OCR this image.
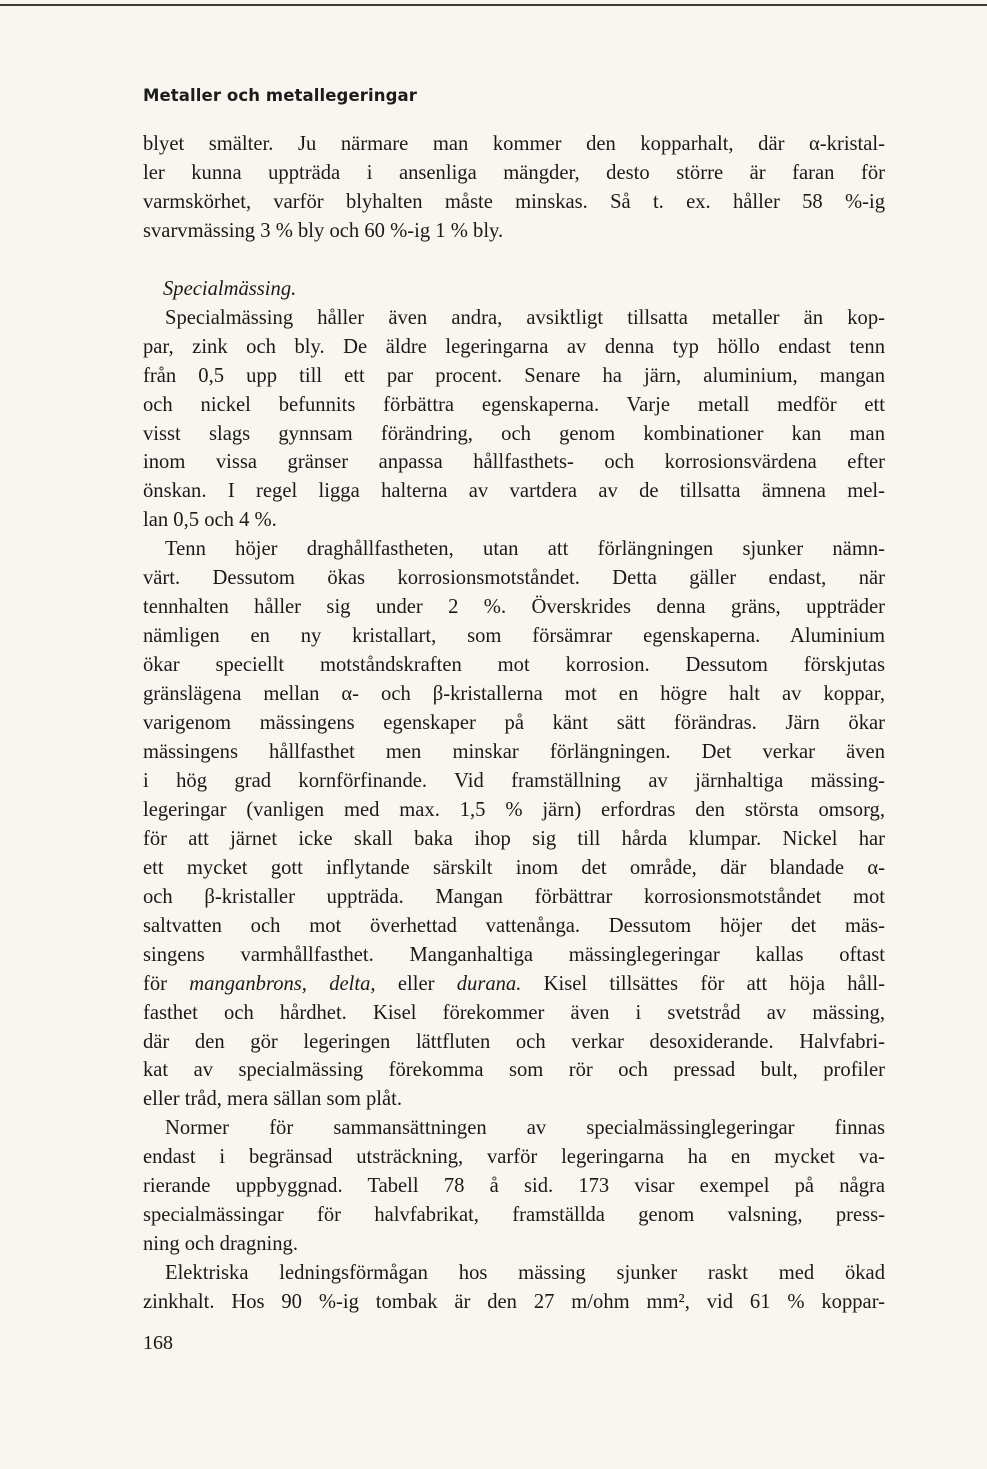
Metaller och metallegeringar
blyet smälter. Ju närmare man kommer den kopparhalt, där α-kristal-
ler kunna uppträda i ansenliga mängder, desto större är faran för
varmskörhet, varför blyhalten måste minskas. Så t. ex. håller 58 %-ig
svarvmässing 3 % bly och 60 %-ig 1 % bly.
Specialmässing.
Specialmässing håller även andra, avsiktligt tillsatta metaller än kop-
par, zink och bly. De äldre legeringarna av denna typ höllo endast tenn
från 0,5 upp till ett par procent. Senare ha järn, aluminium, mangan
och nickel befunnits förbättra egenskaperna. Varje metall medför ett
visst slags gynnsam förändring, och genom kombinationer kan man
inom vissa gränser anpassa hållfasthets- och korrosionsvärdena efter
önskan. I regel ligga halterna av vartdera av de tillsatta ämnena mel-
lan 0,5 och 4 %.
Tenn höjer draghållfastheten, utan att förlängningen sjunker nämn-
värt. Dessutom ökas korrosionsmotståndet. Detta gäller endast, när
tennhalten håller sig under 2 %. Överskrides denna gräns, uppträder
nämligen en ny kristallart, som försämrar egenskaperna. Aluminium
ökar speciellt motståndskraften mot korrosion. Dessutom förskjutas
gränslägena mellan α- och β-kristallerna mot en högre halt av koppar,
varigenom mässingens egenskaper på känt sätt förändras. Järn ökar
mässingens hållfasthet men minskar förlängningen. Det verkar även
i hög grad kornförfinande. Vid framställning av järnhaltiga mässing-
legeringar (vanligen med max. 1,5 % järn) erfordras den största omsorg,
för att järnet icke skall baka ihop sig till hårda klumpar. Nickel har
ett mycket gott inflytande särskilt inom det område, där blandade α-
och β-kristaller uppträda. Mangan förbättrar korrosionsmotståndet mot
saltvatten och mot överhettad vattenånga. Dessutom höjer det mäs-
singens varmhållfasthet. Manganhaltiga mässinglegeringar kallas oftast
för manganbrons, delta, eller durana. Kisel tillsättes för att höja håll-
fasthet och hårdhet. Kisel förekommer även i svetstråd av mässing,
där den gör legeringen lättfluten och verkar desoxiderande. Halvfabri-
kat av specialmässing förekomma som rör och pressad bult, profiler
eller tråd, mera sällan som plåt.
Normer för sammansättningen av specialmässinglegeringar finnas
endast i begränsad utsträckning, varför legeringarna ha en mycket va-
rierande uppbyggnad. Tabell 78 å sid. 173 visar exempel på några
specialmässingar för halvfabrikat, framställda genom valsning, press-
ning och dragning.
Elektriska ledningsförmågan hos mässing sjunker raskt med ökad
zinkhalt. Hos 90 %-ig tombak är den 27 m/ohm mm², vid 61 % koppar-
168
